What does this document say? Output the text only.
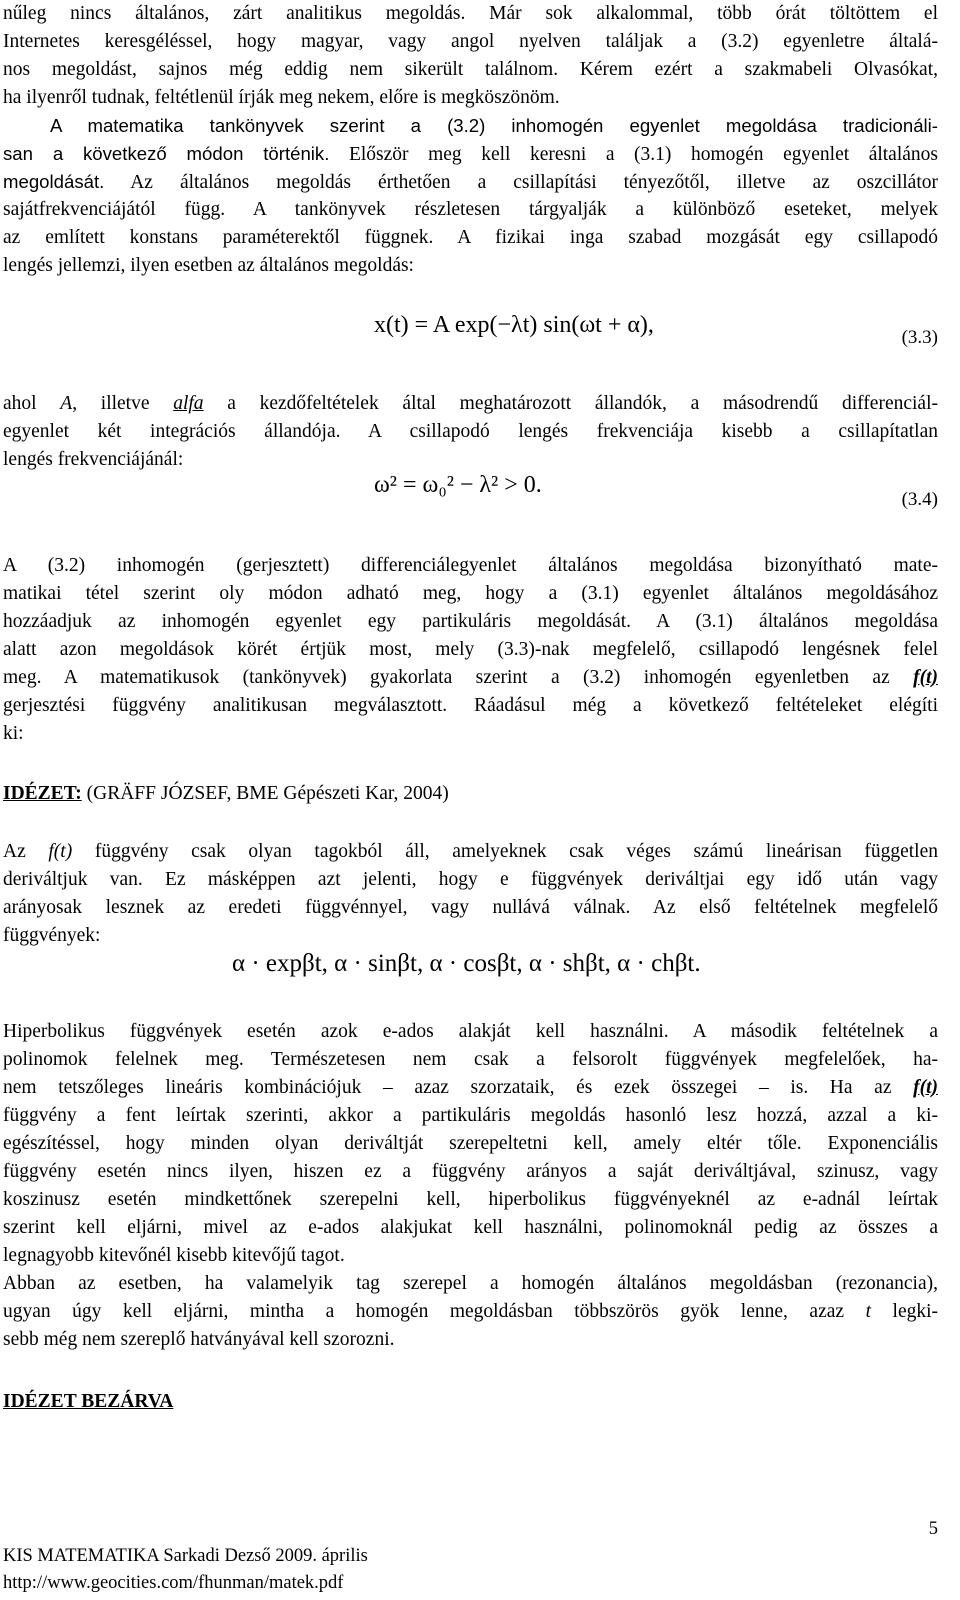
nűleg nincs általános, zárt analitikus megoldás. Már sok alkalommal, több órát töltöttem el
Internetes keresgéléssel, hogy magyar, vagy angol nyelven találjak a (3.2) egyenletre általá-
nos megoldást, sajnos még eddig nem sikerült találnom. Kérem ezért a szakmabeli Olvasókat,
ha ilyenről tudnak, feltétlenül írják meg nekem, előre is megköszönöm.
A matematika tankönyvek szerint a (3.2) inhomogén egyenlet megoldása tradicionáli-
san a következő módon történik. Először meg kell keresni a (3.1) homogén egyenlet általános
megoldását. Az általános megoldás érthetően a csillapítási tényezőtől, illetve az oszcillátor
sajátfrekvenciájától függ. A tankönyvek részletesen tárgyalják a különböző eseteket, melyek
az említett konstans paraméterektől függnek. A fizikai inga szabad mozgását egy csillapodó
lengés jellemzi, ilyen esetben az általános megoldás:
x(t) = A exp(−λt) sin(ωt + α),	(3.3)
ahol A, illetve alfa a kezdőfeltételek által meghatározott állandók, a másodrendű differenciál-
egyenlet két integrációs állandója. A csillapodó lengés frekvenciája kisebb a csillapítatlan
lengés frekvenciájánál:
ω² = ω₀² − λ² > 0.
(3.4)
A (3.2) inhomogén (gerjesztett) differenciálegyenlet általános megoldása bizonyítható mate-
matikai tétel szerint oly módon adható meg, hogy a (3.1) egyenlet általános megoldásához
hozzáadjuk az inhomogén egyenlet egy partikuláris megoldását. A (3.1) általános megoldása
alatt azon megoldások körét értjük most, mely (3.3)-nak megfelelő, csillapodó lengésnek felel
meg. A matematikusok (tankönyvek) gyakorlata szerint a (3.2) inhomogén egyenletben az f(t)
gerjesztési függvény analitikusan megválasztott. Ráadásul még a következő feltételeket elégíti
ki:
IDÉZET: (GRÄFF JÓZSEF, BME Gépészeti Kar, 2004)
Az f(t) függvény csak olyan tagokból áll, amelyeknek csak véges számú lineárisan független
deriváltjuk van. Ez másképpen azt jelenti, hogy e függvények deriváltjai egy idő után vagy
arányosak lesznek az eredeti függvénnyel, vagy nullává válnak. Az első feltételnek megfelelő
függvények:
α · expβt, α · sinβt, α · cosβt, α · shβt, α · chβt.
Hiperbolikus függvények esetén azok e-ados alakját kell használni. A második feltételnek a
polinomok felelnek meg. Természetesen nem csak a felsorolt függvények megfelelőek, ha-
nem tetszőleges lineáris kombinációjuk – azaz szorzataik, és ezek összegei – is. Ha az f(t)
függvény a fent leírtak szerinti, akkor a partikuláris megoldás hasonló lesz hozzá, azzal a ki-
egészítéssel, hogy minden olyan deriváltját szerepeltetni kell, amely eltér tőle. Exponenciális
függvény esetén nincs ilyen, hiszen ez a függvény arányos a saját deriváltjával, szinusz, vagy
koszinusz esetén mindkettőnek szerepelni kell, hiperbolikus függvényeknél az e-adnál leírtak
szerint kell eljárni, mivel az e-ados alakjukat kell használni, polinomoknál pedig az összes a
legnagyobb kitevőnél kisebb kitevőjű tagot.
Abban az esetben, ha valamelyik tag szerepel a homogén általános megoldásban (rezonancia),
ugyan úgy kell eljárni, mintha a homogén megoldásban többszörös gyök lenne, azaz t legki-
sebb még nem szereplő hatványával kell szorozni.
IDÉZET BEZÁRVA
5
KIS MATEMATIKA Sarkadi Dezső 2009. április
http://www.geocities.com/fhunman/matek.pdf
